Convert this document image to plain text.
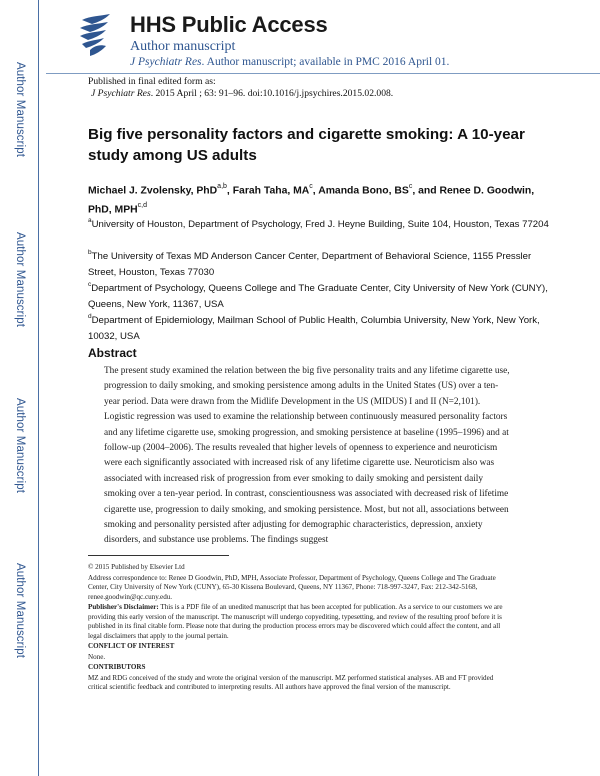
Author Manuscript
Author Manuscript
Author Manuscript
Author Manuscript
HHS Public Access
Author manuscript
J Psychiatr Res. Author manuscript; available in PMC 2016 April 01.
Published in final edited form as:
J Psychiatr Res. 2015 April ; 63: 91–96. doi:10.1016/j.jpsychires.2015.02.008.
Big five personality factors and cigarette smoking: A 10-year study among US adults
Michael J. Zvolensky, PhD$^{a,b}$, Farah Taha, $MA^c$, Amanda Bono, $BS^c$, and Renee D. Goodwin, PhD, MPH$^{c,d}$
$^a$University of Houston, Department of Psychology, Fred J. Heyne Building, Suite 104, Houston, Texas 77204
$^b$The University of Texas MD Anderson Cancer Center, Department of Behavioral Science, 1155 Pressler Street, Houston, Texas 77030
$^c$Department of Psychology, Queens College and The Graduate Center, City University of New York (CUNY), Queens, New York, 11367, USA
$^d$Department of Epidemiology, Mailman School of Public Health, Columbia University, New York, New York, 10032, USA
Abstract
The present study examined the relation between the big five personality traits and any lifetime cigarette use, progression to daily smoking, and smoking persistence among adults in the United States (US) over a ten-year period. Data were drawn from the Midlife Development in the US (MIDUS) I and II (N=2,101). Logistic regression was used to examine the relationship between continuously measured personality factors and any lifetime cigarette use, smoking progression, and smoking persistence at baseline (1995–1996) and at follow-up (2004–2006). The results revealed that higher levels of openness to experience and neuroticism were each significantly associated with increased risk of any lifetime cigarette use. Neuroticism also was associated with increased risk of progression from ever smoking to daily smoking and persistent daily smoking over a ten-year period. In contrast, conscientiousness was associated with decreased risk of lifetime cigarette use, progression to daily smoking, and smoking persistence. Most, but not all, associations between smoking and personality persisted after adjusting for demographic characteristics, depression, anxiety disorders, and substance use problems. The findings suggest

© 2015 Published by Elsevier Ltd

Address correspondence to: Renee D Goodwin, PhD, MPH, Associate Professor, Department of Psychology, Queens College and The Graduate Center, City University of New York (CUNY), 65-30 Kissena Boulevard, Queens, NY 11367, Phone: 718-997-3247, Fax: 212-342-5168, renee.goodwin@qc.cuny.edu.

Publisher's Disclaimer: This is a PDF file of an unedited manuscript that has been accepted for publication. As a service to our customers we are providing this early version of the manuscript. The manuscript will undergo copyediting, typesetting, and review of the resulting proof before it is published in its final citable form. Please note that during the production process errors may be discovered which could affect the content, and all legal disclaimers that apply to the journal pertain.

CONFLICT OF INTEREST

None.

CONTRIBUTORS

MZ and RDG conceived of the study and wrote the original version of the manuscript. MZ performed statistical analyses. AB and FT provided critical scientific feedback and contributed to interpreting results. All authors have approved the final version of the manuscript.
